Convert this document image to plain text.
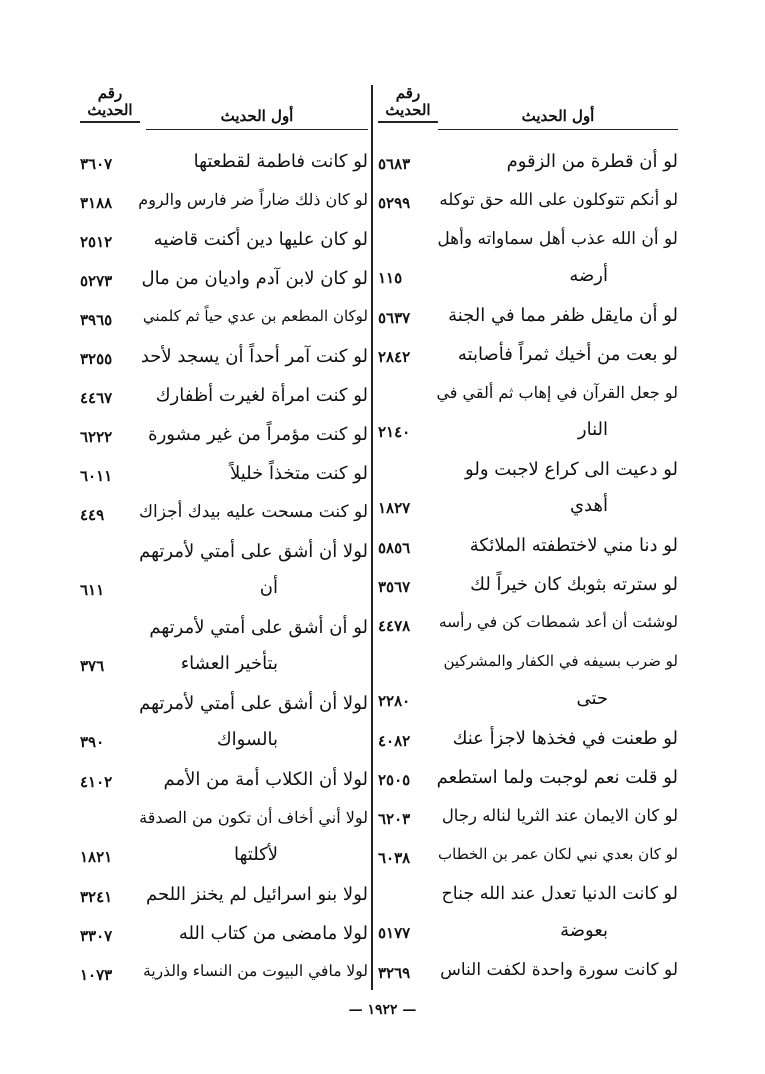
رقم
الحديث	أول الحديث
لو أن قطرة من الزقوم
٥٦٨٣
لو أنكم تتوكلون على الله حق توكله
٥٢٩٩
لو أن الله عذب أهل سماواته وأهل
أرضه
١١٥
لو أن مايقل ظفر مما في الجنة
٥٦٣٧
لو بعت من أخيك ثمراً فأصابته
٢٨٤٢
لو جعل القرآن في إهاب ثم ألقي في
النار
٢١٤٠
لو دعيت الى كراع لاجبت ولو
أهدي
١٨٢٧
لو دنا مني لاختطفته الملائكة
٥٨٥٦
لو سترته بثوبك كان خيراً لك
٣٥٦٧
لوشئت أن أعد شمطات كن في رأسه
٤٤٧٨
لو ضرب بسيفه في الكفار والمشركين
حتى
٢٢٨٠
لو طعنت في فخذها لاجزأ عنك
٤٠٨٢
لو قلت نعم لوجبت ولما استطعم
٢٥٠٥
لو كان الايمان عند الثريا لناله رجال
٦٢٠٣
لو كان بعدي نبي لكان عمر بن الخطاب
٦٠٣٨
لو كانت الدنيا تعدل عند الله جناح
بعوضة
٥١٧٧
لو كانت سورة واحدة لكفت الناس
٣٢٦٩
رقم
الحديث	أول الحديث
لو كانت فاطمة لقطعتها
٣٦٠٧
لو كان ذلك ضاراً ضر فارس والروم
٣١٨٨
لو كان عليها دين أكنت قاضيه
٢٥١٢
لو كان لابن آدم واديان من مال
٥٢٧٣
لوكان المطعم بن عدي حياً ثم كلمني
٣٩٦٥
لو كنت آمر أحداً أن يسجد لأحد
٣٢٥٥
لو كنت امرأة لغيرت أظفارك
٤٤٦٧
لو كنت مؤمراً من غير مشورة
٦٢٢٢
لو كنت متخذاً خليلاً
٦٠١١
لو كنت مسحت عليه بيدك أجزاك
٤٤٩
لولا أن أشق على أمتي لأمرتهم
أن
٦١١
لو أن أشق على أمتي لأمرتهم
بتأخير العشاء
٣٧٦
لولا أن أشق على أمتي لأمرتهم
بالسواك
٣٩٠
لولا أن الكلاب أمة من الأمم
٤١٠٢
لولا أني أخاف أن تكون من الصدقة
لأكلتها
١٨٢١
لولا بنو اسرائيل لم يخنز اللحم
٣٢٤١
لولا مامضى من كتاب الله
٣٣٠٧
لولا مافي البيوت من النساء والذرية
١٠٧٣
— ١٩٢٢ —
